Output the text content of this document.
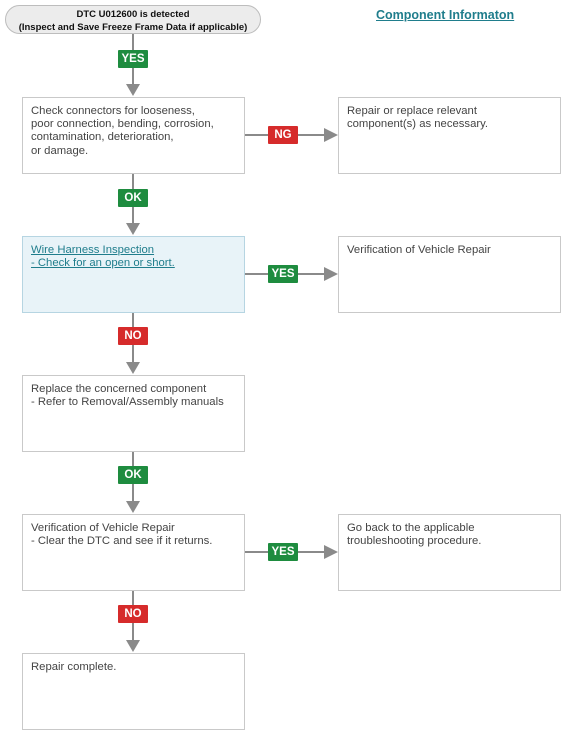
DTC U012600 is detected
(Inspect and Save Freeze Frame Data if applicable)
Component Informaton
YES
Check connectors for looseness,
poor connection, bending, corrosion,
contamination, deterioration,
or damage.
NG
Repair or replace relevant
component(s) as necessary.
OK
Wire Harness Inspection
- Check for an open or short.
YES
Verification of Vehicle Repair
NO
Replace the concerned component
- Refer to Removal/Assembly manuals
OK
Verification of Vehicle Repair
- Clear the DTC and see if it returns.
YES
Go back to the applicable
troubleshooting procedure.
NO
Repair complete.
